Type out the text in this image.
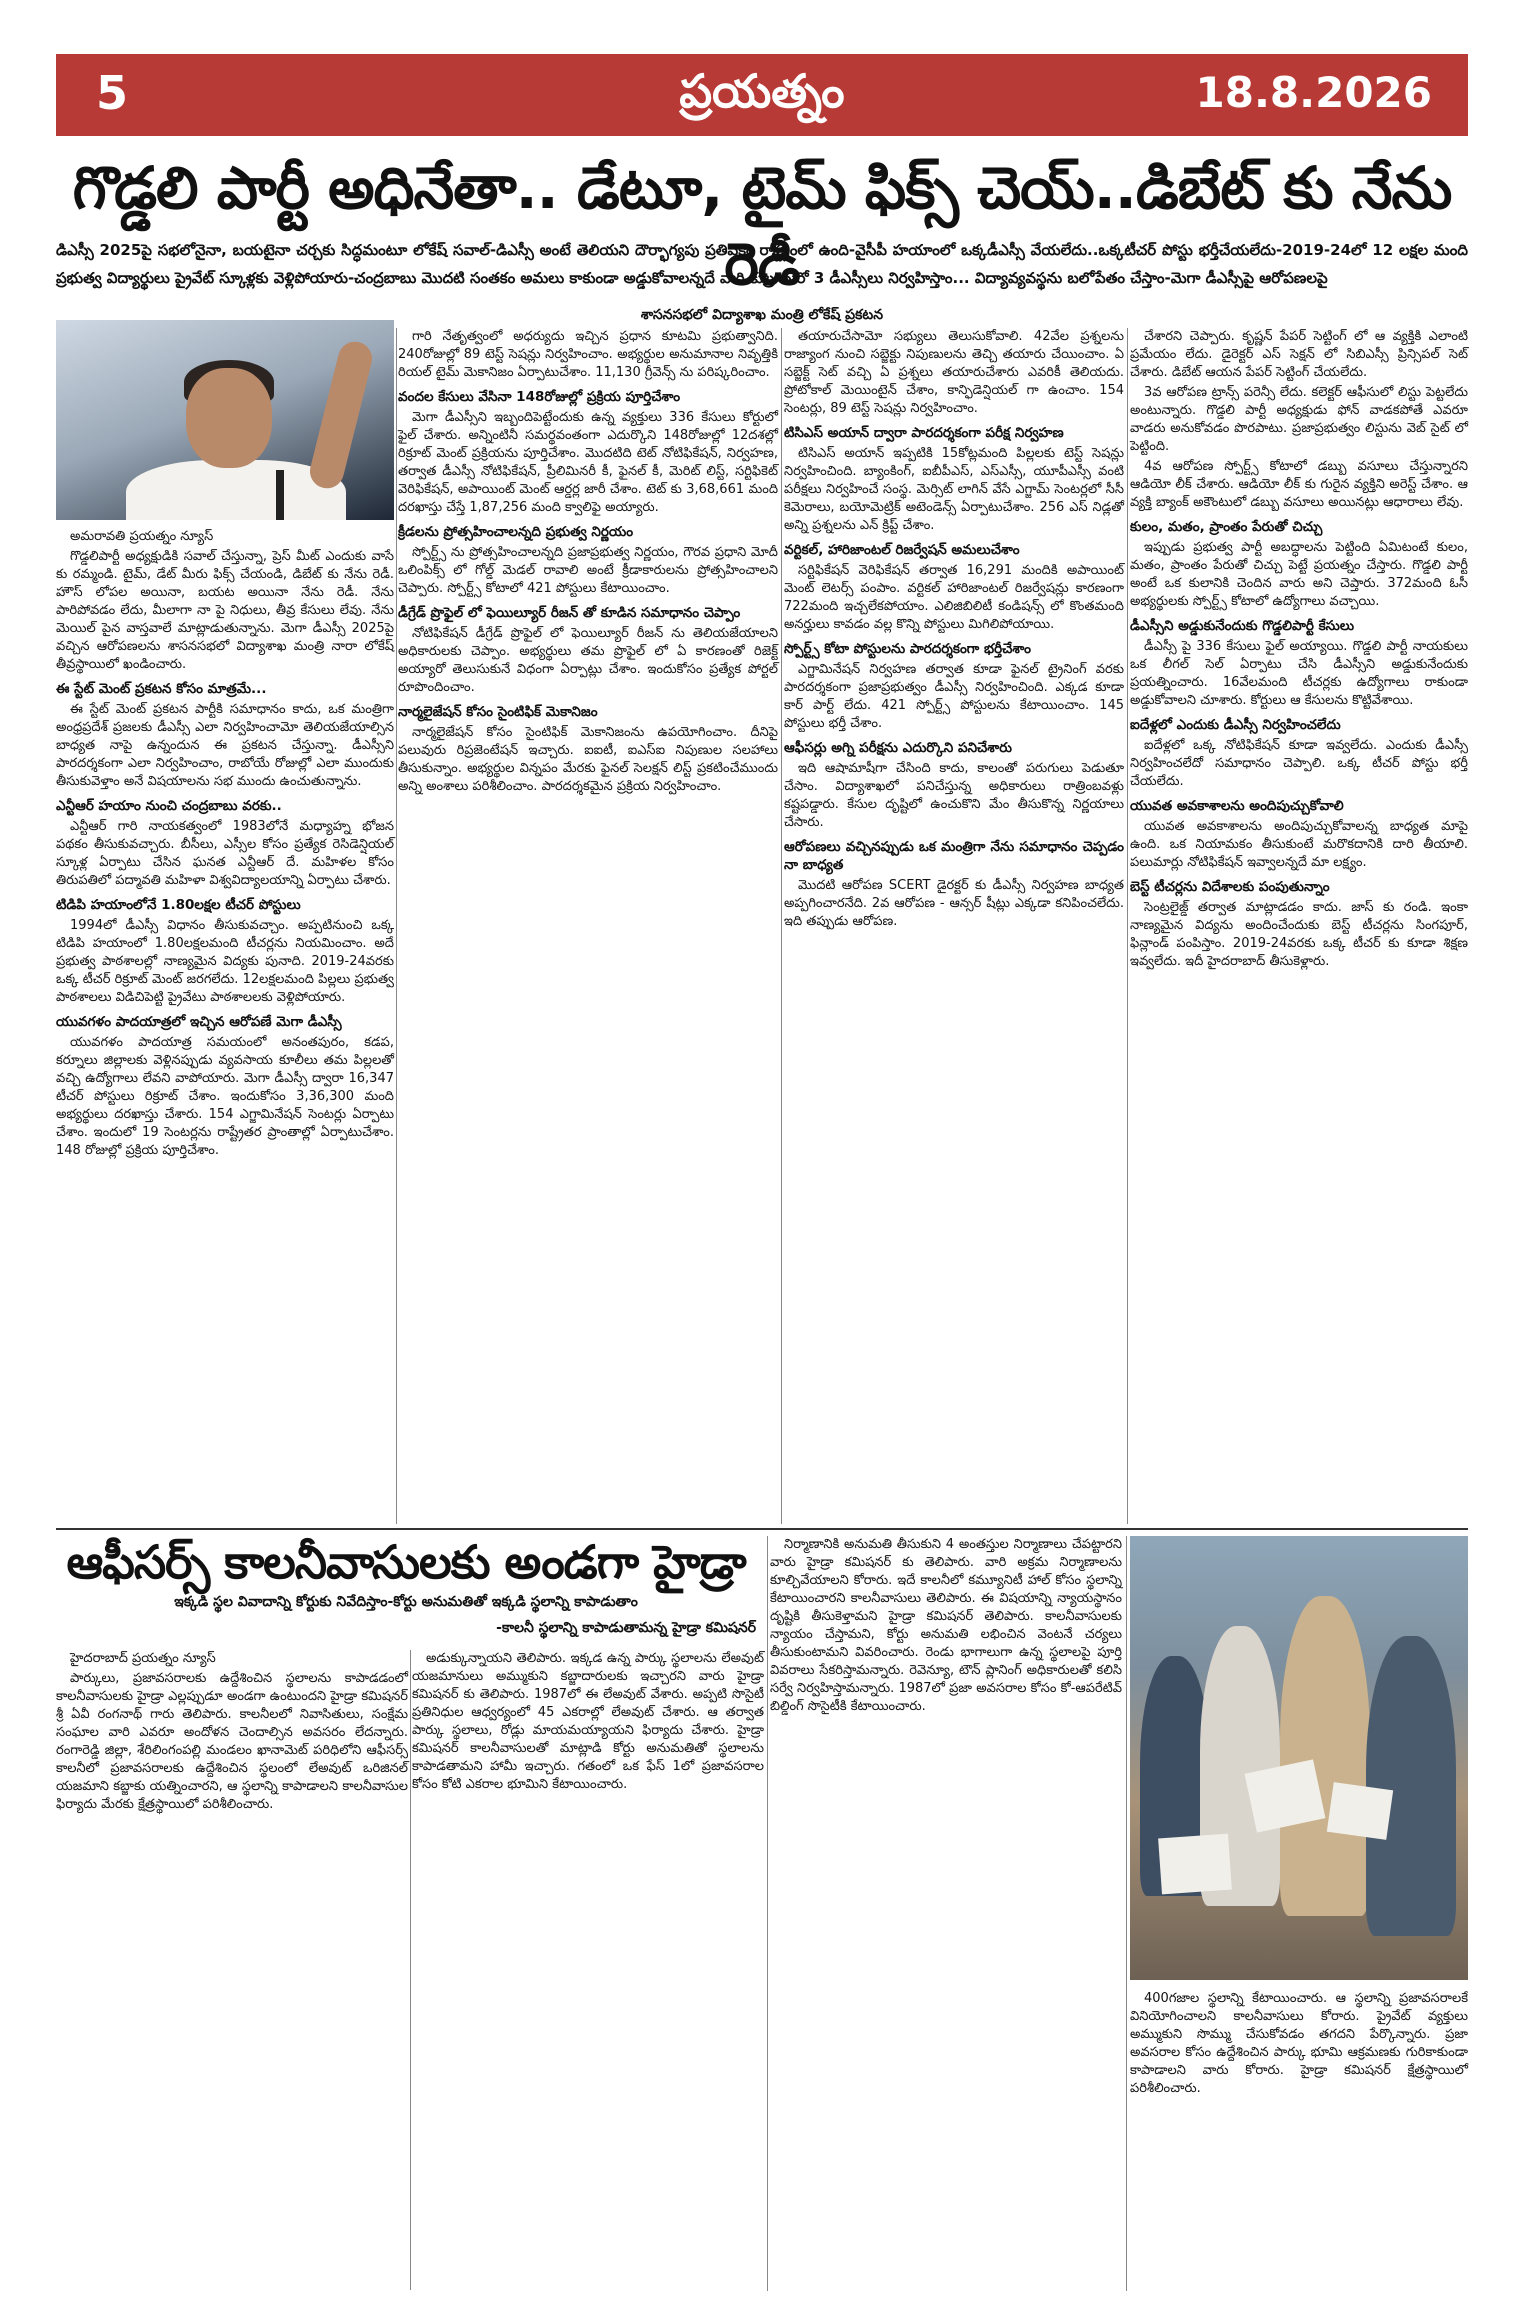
5	ప్రయత్నం	18.8.2026
గొడ్డలి పార్టీ అధినేతా.. డేటూ, టైమ్ ఫిక్స్ చెయ్..డిబేట్ కు నేను రెడీ
డిఎస్సీ 2025పై సభలోనైనా, బయటైనా చర్చకు సిద్ధమంటూ లోకేష్ సవాల్-డిఎస్సీ అంటే తెలియని దౌర్భాగ్యపు ప్రతిపక్షం రాష్ట్రంలో ఉంది-వైసీపీ హయాంలో ఒక్కడీఎస్సీ వేయలేదు..ఒక్కటీచర్ పోస్టు భర్తీచేయలేదు-2019-24లో 12 లక్షల మంది ప్రభుత్వ విద్యార్థులు ప్రైవేట్ స్కూళ్లకు వెళ్లిపోయారు-చంద్రబాబు మొదటి సంతకం అమలు కాకుండా అడ్డుకోవాలన్నదే వారి కుట్ర-మరో 3 డీఎస్సీలు నిర్వహిస్తాం... విద్యావ్యవస్థను బలోపేతం చేస్తాం-మెగా డీఎస్సీపై ఆరోపణలపై
శాసనసభలో విద్యాశాఖ మంత్రి లోకేష్ ప్రకటన

అమరావతి ప్రయత్నం న్యూస్

గొడ్డలిపార్టీ అధ్యక్షుడికి సవాల్ చేస్తున్నా, ప్రెస్ మీట్ ఎందుకు వాసే కు రమ్మండి. టైమ్, డేట్ మీరు ఫిక్స్ చేయండి, డిబేట్ కు నేను రెడీ. హౌస్ లోపల అయినా, బయట అయినా నేను రెడీ. నేను పారిపోవడం లేదు, మీలాగా నా పై నిధులు, తీవ్ర కేసులు లేవు. నేను మెయిల్ పైన వాస్తవాలే మాట్లాడుతున్నాను. మెగా డీఎస్సీ 2025పై వచ్చిన ఆరోపణలను శాసనసభలో విద్యాశాఖ మంత్రి నారా లోకేష్ తీవ్రస్థాయిలో ఖండించారు.

ఈ స్టేట్ మెంట్ ప్రకటన కోసం మాత్రమే...

ఈ స్టేట్ మెంట్ ప్రకటన పార్టీకి సమాధానం కాదు, ఒక మంత్రిగా అంధ్రప్రదేశ్ ప్రజలకు డీఎస్సీ ఎలా నిర్వహించామో తెలియజేయాల్సిన బాధ్యత నాపై ఉన్నందున ఈ ప్రకటన చేస్తున్నా. డీఎస్సీని పారదర్శకంగా ఎలా నిర్వహించాం, రాబోయే రోజుల్లో ఎలా ముందుకు తీసుకువెళ్తాం అనే విషయాలను సభ ముందు ఉంచుతున్నాను.

ఎన్టీఆర్ హయాం నుంచి చంద్రబాబు వరకు..

ఎన్టీఆర్ గారి నాయకత్వంలో 1983లోనే మధ్యాహ్న భోజన పథకం తీసుకువచ్చారు. బీసీలు, ఎస్సీల కోసం ప్రత్యేక రెసిడెన్షియల్ స్కూళ్ల ఏర్పాటు చేసిన ఘనత ఎన్టీఆర్ దే. మహిళల కోసం తిరుపతిలో పద్మావతి మహిళా విశ్వవిద్యాలయాన్ని ఏర్పాటు చేశారు.

టిడిపి హయాంలోనే 1.80లక్షల టీచర్ పోస్టులు

1994లో డీఎస్సీ విధానం తీసుకువచ్చాం. అప్పటినుంచి ఒక్క టిడిపి హయాంలో 1.80లక్షలమంది టీచర్లను నియమించాం. అదే ప్రభుత్వ పాఠశాలల్లో నాణ్యమైన విద్యకు పునాది. 2019-24వరకు ఒక్క టీచర్ రిక్రూట్ మెంట్ జరగలేదు. 12లక్షలమంది పిల్లలు ప్రభుత్వ పాఠశాలలు విడిచిపెట్టి ప్రైవేటు పాఠశాలలకు వెళ్లిపోయారు.

యువగళం పాదయాత్రలో ఇచ్చిన ఆరోపణే మెగా డీఎస్సీ

యువగళం పాదయాత్ర సమయంలో అనంతపురం, కడప, కర్నూలు జిల్లాలకు వెళ్లినప్పుడు వ్యవసాయ కూలీలు తమ పిల్లలతో వచ్చి ఉద్యోగాలు లేవని వాపోయారు. మెగా డీఎస్సీ ద్వారా 16,347 టీచర్ పోస్టులు రిక్రూట్ చేశాం. ఇందుకోసం 3,36,300 మంది అభ్యర్థులు దరఖాస్తు చేశారు. 154 ఎగ్జామినేషన్ సెంటర్లు ఏర్పాటు చేశాం. ఇందులో 19 సెంటర్లను రాష్ట్రేతర ప్రాంతాల్లో ఏర్పాటుచేశాం. 148 రోజుల్లో ప్రక్రియ పూర్తిచేశాం.

గారి నేతృత్వంలో అధర్యుదు ఇచ్చిన ప్రధాన కూటమి ప్రభుత్వానిది. 240రోజుల్లో 89 టెస్ట్ సెషన్లు నిర్వహించాం. అభ్యర్థుల అనుమానాల నివృత్తికి రియల్ టైమ్ మెకానిజం ఏర్పాటుచేశాం. 11,130 గ్రీవెన్స్ ను పరిష్కరించాం.

వందల కేసులు వేసినా 148రోజుల్లో ప్రక్రియ పూర్తిచేశాం

మెగా డీఎస్సీని ఇబ్బందిపెట్టేందుకు ఉన్న వ్యక్తులు 336 కేసులు కోర్టులో ఫైల్ చేశారు. అన్నింటినీ సమర్థవంతంగా ఎదుర్కొని 148రోజుల్లో 12దశల్లో రిక్రూట్ మెంట్ ప్రక్రియను పూర్తిచేశాం. మొదటిది టెట్ నోటిఫికేషన్, నిర్వహణ, తర్వాత డీఎస్సీ నోటిఫికేషన్, ప్రీలిమినరీ కీ, ఫైనల్ కీ, మెరిట్ లిస్ట్, సర్టిఫికెట్ వెరిఫికేషన్, అపాయింట్ మెంట్ ఆర్డర్ల జారీ చేశాం. టెట్ కు 3,68,661 మంది దరఖాస్తు చేస్తే 1,87,256 మంది క్వాలిఫై అయ్యారు.

క్రీడలను ప్రోత్సహించాలన్నది ప్రభుత్వ నిర్ణయం

స్పోర్ట్స్ ను ప్రోత్సహించాలన్నది ప్రజాప్రభుత్వ నిర్ణయం, గౌరవ ప్రధాని మోదీ ఒలింపిక్స్ లో గోల్డ్ మెడల్ రావాలి అంటే క్రీడాకారులను ప్రోత్సహించాలని చెప్పారు. స్పోర్ట్స్ కోటాలో 421 పోస్టులు కేటాయించాం.

డీగ్రేడ్ ప్రొఫైల్ లో ఫెయిల్యూర్ రీజన్ తో కూడిన సమాధానం చెప్పాం

నోటిఫికేషన్ డీగ్రేడ్ ప్రొఫైల్ లో ఫెయిల్యూర్ రీజన్ ను తెలియజేయాలని అధికారులకు చెప్పాం. అభ్యర్థులు తమ ప్రొఫైల్ లో ఏ కారణంతో రిజెక్ట్ అయ్యారో తెలుసుకునే విధంగా ఏర్పాట్లు చేశాం. ఇందుకోసం ప్రత్యేక పోర్టల్ రూపొందించాం.

నార్మలైజేషన్ కోసం సైంటిఫిక్ మెకానిజం

నార్మలైజేషన్ కోసం సైంటిఫిక్ మెకానిజంను ఉపయోగించాం. దీనిపై పలువురు రిప్రజెంటేషన్ ఇచ్చారు. ఐఐటీ, ఐఎస్ఐ నిపుణుల సలహాలు తీసుకున్నాం. అభ్యర్థుల విన్నపం మేరకు ఫైనల్ సెలక్షన్ లిస్ట్ ప్రకటించేముందు అన్ని అంశాలు పరిశీలించాం. పారదర్శకమైన ప్రక్రియ నిర్వహించాం.

తయారుచేసామో సభ్యులు తెలుసుకోవాలి. 42వేల ప్రశ్నలను రాజ్యాంగ నుంచి సబ్జెక్టు నిపుణులను తెచ్చి తయారు చేయించాం. ఏ సబ్జెక్ట్ సెట్ వచ్చి ఏ ప్రశ్నలు తయారుచేశారు ఎవరికీ తెలియదు. ప్రోటోకాల్ మెయింటైన్ చేశాం, కాన్ఫిడెన్షియల్ గా ఉంచాం. 154 సెంటర్లు, 89 టెస్ట్ సెషన్లు నిర్వహించాం.

టిసిఎస్ అయాన్ ద్వారా పారదర్శకంగా పరీక్ష నిర్వహణ

టిసిఎస్ అయాన్ ఇప్పటికి 15కోట్లమంది పిల్లలకు టెస్ట్ సెషన్లు నిర్వహించింది. బ్యాంకింగ్, ఐబీపీఎస్, ఎస్ఎస్సీ, యూపీఎస్సీ వంటి పరీక్షలు నిర్వహించే సంస్థ. మెర్సిట్ లాగిన్ వేసే ఎగ్జామ్ సెంటర్లలో సీసీ కెమెరాలు, బయోమెట్రిక్ అటెండెన్స్ ఏర్పాటుచేశాం. 256 ఎస్ నిడ్లతో అన్ని ప్రశ్నలను ఎన్ క్రిప్ట్ చేశాం.

వర్టికల్, హారిజాంటల్ రిజర్వేషన్ అమలుచేశాం

సర్టిఫికేషన్ వెరిఫికేషన్ తర్వాత 16,291 మందికి అపాయింట్ మెంట్ లెటర్స్ పంపాం. వర్టికల్ హారిజాంటల్ రిజర్వేషన్లు కారణంగా 722మంది ఇచ్చలేకపోయాం. ఎలిజిబిలిటీ కండిషన్స్ లో కొంతమంది అనర్హులు కావడం వల్ల కొన్ని పోస్టులు మిగిలిపోయాయి.

స్పోర్ట్స్ కోటా పోస్టులను పారదర్శకంగా భర్తీచేశాం

ఎగ్జామినేషన్ నిర్వహణ తర్వాత కూడా ఫైనల్ ట్రైనింగ్ వరకు పారదర్శకంగా ప్రజాప్రభుత్వం డీఎస్సీ నిర్వహించింది. ఎక్కడ కూడా కార్ పార్ట్ లేదు. 421 స్పోర్ట్స్ పోస్టులను కేటాయించాం. 145 పోస్టులు భర్తీ చేశాం.

ఆఫీసర్లు అగ్ని పరీక్షను ఎదుర్కొని పనిచేశారు

ఇది ఆషామాషీగా చేసింది కాదు, కాలంతో పరుగులు పెడుతూ చేసాం. విద్యాశాఖలో పనిచేస్తున్న అధికారులు రాత్రింబవళ్లు కష్టపడ్డారు. కేసుల దృష్టిలో ఉంచుకొని మేం తీసుకొన్న నిర్ణయాలు చేసారు.

ఆరోపణలు వచ్చినప్పుడు ఒక మంత్రిగా నేను సమాధానం చెప్పడం నా బాధ్యత

మొదటి ఆరోపణ SCERT డైరక్టర్ కు డీఎస్సీ నిర్వహణ బాధ్యత అప్పగించారనేది. 2వ ఆరోపణ - ఆన్సర్ షీట్లు ఎక్కడా కనిపించలేదు. ఇది తప్పుడు ఆరోపణ.

చేశారని చెప్పారు. కృష్ణన్ పేపర్ సెట్టింగ్ లో ఆ వ్యక్తికి ఎలాంటి ప్రమేయం లేదు. డైరెక్టర్ ఎస్ సెక్షన్ లో సిబిఎస్సీ ప్రిన్సిపల్ సెట్ చేశారు. డిబేట్ ఆయన పేపర్ సెట్టింగ్ చేయలేదు.

3వ ఆరోపణ ట్రాన్స్ పరెన్సీ లేదు. కలెక్టర్ ఆఫీసులో లిస్టు పెట్టలేదు అంటున్నారు. గొడ్డలి పార్టీ అధ్యక్షుడు ఫోన్ వాడకపోతే ఎవరూ వాడరు అనుకోవడం పొరపాటు. ప్రజాప్రభుత్వం లిస్టును వెబ్ సైట్ లో పెట్టింది.

4వ ఆరోపణ స్పోర్ట్స్ కోటాలో డబ్బు వసూలు చేస్తున్నారని ఆడియో లీక్ చేశారు. ఆడియో లీక్ కు గురైన వ్యక్తిని అరెస్ట్ చేశాం. ఆ వ్యక్తి బ్యాంక్ అకౌంటులో డబ్బు వసూలు అయినట్లు ఆధారాలు లేవు.

కులం, మతం, ప్రాంతం పేరుతో చిచ్చు

ఇప్పుడు ప్రభుత్వ పార్టీ అబద్ధాలను పెట్టింది ఏమిటంటే కులం, మతం, ప్రాంతం పేరుతో చిచ్చు పెట్టే ప్రయత్నం చేస్తారు. గొడ్డలి పార్టీ అంటే ఒక కులానికి చెందిన వారు అని చెప్తారు. 372మంది ఓసీ అభ్యర్థులకు స్పోర్ట్స్ కోటాలో ఉద్యోగాలు వచ్చాయి.

డీఎస్సీని అడ్డుకునేందుకు గొడ్డలిపార్టీ కేసులు

డీఎస్సీ పై 336 కేసులు ఫైల్ అయ్యాయి. గొడ్డలి పార్టీ నాయకులు ఒక లీగల్ సెల్ ఏర్పాటు చేసి డీఎస్సీని అడ్డుకునేందుకు ప్రయత్నించారు. 16వేలమంది టీచర్లకు ఉద్యోగాలు రాకుండా అడ్డుకోవాలని చూశారు. కోర్టులు ఆ కేసులను కొట్టివేశాయి.

ఐదేళ్లలో ఎందుకు డీఎస్సీ నిర్వహించలేదు

ఐదేళ్లలో ఒక్క నోటిఫికేషన్ కూడా ఇవ్వలేదు. ఎందుకు డీఎస్సీ నిర్వహించలేదో సమాధానం చెప్పాలి. ఒక్క టీచర్ పోస్టు భర్తీ చేయలేదు.

యువత అవకాశాలను అందిపుచ్చుకోవాలి

యువత అవకాశాలను అందిపుచ్చుకోవాలన్న బాధ్యత మాపై ఉంది. ఒక నియామకం తీసుకుంటే మరొకదానికి దారి తీయాలి. పలుమార్లు నోటిఫికేషన్ ఇవ్వాలన్నదే మా లక్ష్యం.

బెస్ట్ టీచర్లను విదేశాలకు పంపుతున్నాం

సెంట్రలైజ్డ్ తర్వాత మాట్లాడడం కాదు. జాస్ కు రండి. ఇంకా నాణ్యమైన విద్యను అందించేందుకు బెస్ట్ టీచర్లను సింగపూర్, ఫిన్లాండ్ పంపిస్తాం. 2019-24వరకు ఒక్క టీచర్ కు కూడా శిక్షణ ఇవ్వలేదు. ఇదీ హైదరాబాద్ తీసుకెళ్లారు.

ఆఫీసర్స్ కాలనీవాసులకు అండగా హైడ్రా
ఇక్కడి స్థల వివాదాన్ని కోర్టుకు నివేదిస్తాం-కోర్టు అనుమతితో ఇక్కడి స్థలాన్ని కాపాడుతాం
-కాలనీ స్థలాన్ని కాపాడుతామన్న హైడ్రా కమిషనర్

హైదరాబాద్ ప్రయత్నం న్యూస్

పార్కులు, ప్రజావసరాలకు ఉద్దేశించిన స్థలాలను కాపాడడంలో కాలనీవాసులకు హైడ్రా ఎల్లప్పుడూ అండగా ఉంటుందని హైడ్రా కమిషనర్ శ్రీ ఏవీ రంగనాథ్ గారు తెలిపారు. కాలనీలలో నివాసితులు, సంక్షేమ సంఘాల వారి ఎవరూ అందోళన చెందాల్సిన అవసరం లేదన్నారు. రంగారెడ్డి జిల్లా, శేరిలింగంపల్లి మండలం ఖానామెట్ పరిధిలోని ఆఫీసర్స్ కాలనీలో ప్రజావసరాలకు ఉద్దేశించిన స్థలంలో లేఅవుట్ ఒరిజినల్ యజమాని కబ్జాకు యత్నించారని, ఆ స్థలాన్ని కాపాడాలని కాలనీవాసుల ఫిర్యాదు మేరకు క్షేత్రస్థాయిలో పరిశీలించారు.

అడుక్కున్నాయని తెలిపారు. ఇక్కడ ఉన్న పార్కు స్థలాలను లేఅవుట్ యజమానులు అమ్ముకుని కబ్జాదారులకు ఇచ్చారని వారు హైడ్రా కమిషనర్ కు తెలిపారు. 1987లో ఈ లేఅవుట్ వేశారు. అప్పటి సొసైటీ ప్రతినిధుల ఆధ్వర్యంలో 45 ఎకరాల్లో లేఅవుట్ చేశారు. ఆ తర్వాత పార్కు స్థలాలు, రోడ్లు మాయమయ్యాయని ఫిర్యాదు చేశారు. హైడ్రా కమిషనర్ కాలనీవాసులతో మాట్లాడి కోర్టు అనుమతితో స్థలాలను కాపాడతామని హామీ ఇచ్చారు. గతంలో ఒక ఫేస్ 1లో ప్రజావసరాల కోసం కోటి ఎకరాల భూమిని కేటాయించారు.

నిర్మాణానికి అనుమతి తీసుకుని 4 అంతస్తుల నిర్మాణాలు చేపట్టారని వారు హైడ్రా కమిషనర్ కు తెలిపారు. వారి అక్రమ నిర్మాణాలను కూల్చివేయాలని కోరారు. ఇదే కాలనీలో కమ్యూనిటీ హాల్ కోసం స్థలాన్ని కేటాయించారని కాలనీవాసులు తెలిపారు. ఈ విషయాన్ని న్యాయస్థానం దృష్టికి తీసుకెళ్తామని హైడ్రా కమిషనర్ తెలిపారు. కాలనీవాసులకు న్యాయం చేస్తామని, కోర్టు అనుమతి లభించిన వెంటనే చర్యలు తీసుకుంటామని వివరించారు. రెండు భాగాలుగా ఉన్న స్థలాలపై పూర్తి వివరాలు సేకరిస్తామన్నారు. రెవెన్యూ, టౌన్ ప్లానింగ్ అధికారులతో కలిసి సర్వే నిర్వహిస్తామన్నారు. 1987లో ప్రజా అవసరాల కోసం కో-ఆపరేటివ్ బిల్డింగ్ సొసైటీకి కేటాయించారు.

400గజాల స్థలాన్ని కేటాయించారు. ఆ స్థలాన్ని ప్రజావసరాలకే వినియోగించాలని కాలనీవాసులు కోరారు. ప్రైవేట్ వ్యక్తులు అమ్ముకుని సొమ్ము చేసుకోవడం తగదని పేర్కొన్నారు. ప్రజా అవసరాల కోసం ఉద్దేశించిన పార్కు భూమి ఆక్రమణకు గురికాకుండా కాపాడాలని వారు కోరారు. హైడ్రా కమిషనర్ క్షేత్రస్థాయిలో పరిశీలించారు.
